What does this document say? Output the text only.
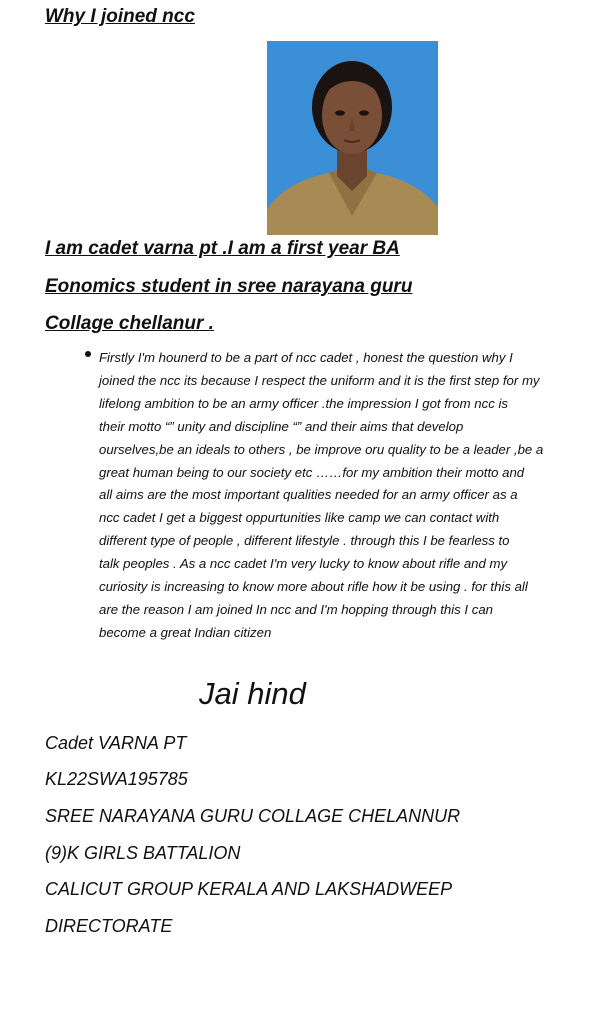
Why I joined ncc

I am cadet varna pt .I am a first year BA

Eonomics student in sree narayana guru

Collage chellanur .

Firstly I'm hounerd to be a part of ncc cadet , honest the question why I
joined the ncc its because I respect the uniform and it is the first step for my
lifelong ambition to be an army officer .the impression I got from ncc is
their motto “” unity and discipline “” and their aims that develop
ourselves,be an ideals to others , be improve oru quality to be a leader ,be a
great human being to our society etc ……for my ambition their motto and
all aims are the most important qualities needed for an army officer as a
ncc cadet I get a biggest oppurtunities like camp we can contact with
different type of people , different lifestyle . through this I be fearless to
talk peoples . As a ncc cadet I'm very lucky to know about rifle and my
curiosity is increasing to know more about rifle how it be using . for this all
are the reason I am joined In ncc and I'm hopping through this I can
become a great Indian citizen

Jai hind

Cadet VARNA PT

KL22SWA195785

SREE NARAYANA GURU COLLAGE CHELANNUR

(9)K GIRLS BATTALION

CALICUT GROUP KERALA AND LAKSHADWEEP

DIRECTORATE
